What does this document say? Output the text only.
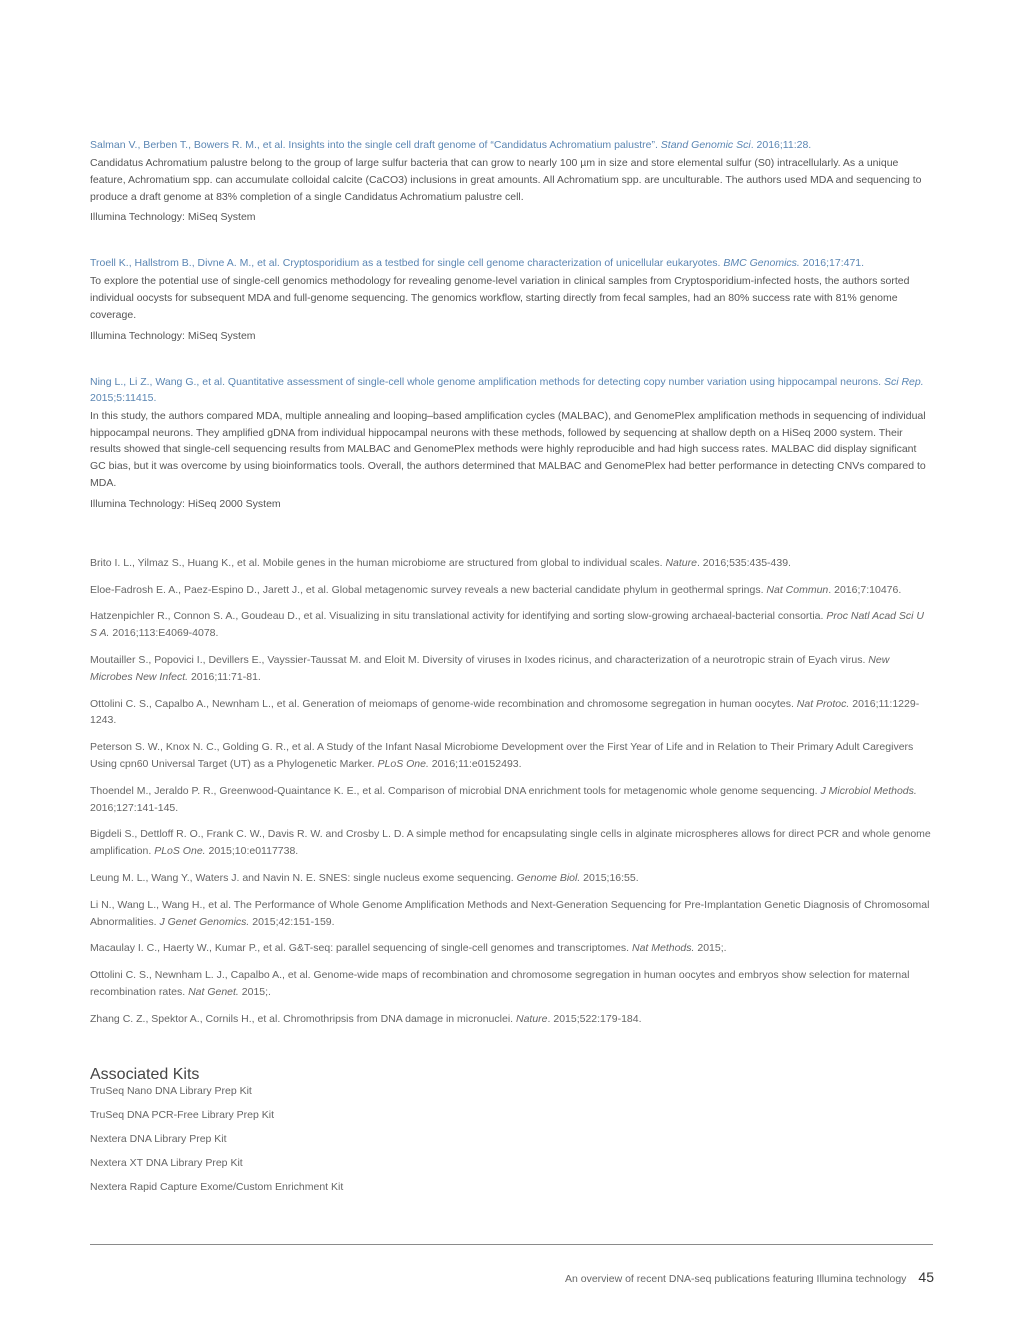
Salman V., Berben T., Bowers R. M., et al. Insights into the single cell draft genome of “Candidatus Achromatium palustre”. Stand Genomic Sci. 2016;11:28.
Candidatus Achromatium palustre belong to the group of large sulfur bacteria that can grow to nearly 100 µm in size and store elemental sulfur (S0) intracellularly. As a unique feature, Achromatium spp. can accumulate colloidal calcite (CaCO3) inclusions in great amounts. All Achromatium spp. are unculturable. The authors used MDA and sequencing to produce a draft genome at 83% completion of a single Candidatus Achromatium palustre cell.
Illumina Technology: MiSeq System
Troell K., Hallstrom B., Divne A. M., et al. Cryptosporidium as a testbed for single cell genome characterization of unicellular eukaryotes. BMC Genomics. 2016;17:471.
To explore the potential use of single-cell genomics methodology for revealing genome-level variation in clinical samples from Cryptosporidium-infected hosts, the authors sorted individual oocysts for subsequent MDA and full-genome sequencing. The genomics workflow, starting directly from fecal samples, had an 80% success rate with 81% genome coverage.
Illumina Technology: MiSeq System
Ning L., Li Z., Wang G., et al. Quantitative assessment of single-cell whole genome amplification methods for detecting copy number variation using hippocampal neurons. Sci Rep. 2015;5:11415.
In this study, the authors compared MDA, multiple annealing and looping–based amplification cycles (MALBAC), and GenomePlex amplification methods in sequencing of individual hippocampal neurons. They amplified gDNA from individual hippocampal neurons with these methods, followed by sequencing at shallow depth on a HiSeq 2000 system. Their results showed that single-cell sequencing results from MALBAC and GenomePlex methods were highly reproducible and had high success rates. MALBAC did display significant GC bias, but it was overcome by using bioinformatics tools. Overall, the authors determined that MALBAC and GenomePlex had better performance in detecting CNVs compared to MDA.
Illumina Technology: HiSeq 2000 System
Brito I. L., Yilmaz S., Huang K., et al. Mobile genes in the human microbiome are structured from global to individual scales. Nature. 2016;535:435-439.
Eloe-Fadrosh E. A., Paez-Espino D., Jarett J., et al. Global metagenomic survey reveals a new bacterial candidate phylum in geothermal springs. Nat Commun. 2016;7:10476.
Hatzenpichler R., Connon S. A., Goudeau D., et al. Visualizing in situ translational activity for identifying and sorting slow-growing archaeal-bacterial consortia. Proc Natl Acad Sci U S A. 2016;113:E4069-4078.
Moutailler S., Popovici I., Devillers E., Vayssier-Taussat M. and Eloit M. Diversity of viruses in Ixodes ricinus, and characterization of a neurotropic strain of Eyach virus. New Microbes New Infect. 2016;11:71-81.
Ottolini C. S., Capalbo A., Newnham L., et al. Generation of meiomaps of genome-wide recombination and chromosome segregation in human oocytes. Nat Protoc. 2016;11:1229-1243.
Peterson S. W., Knox N. C., Golding G. R., et al. A Study of the Infant Nasal Microbiome Development over the First Year of Life and in Relation to Their Primary Adult Caregivers Using cpn60 Universal Target (UT) as a Phylogenetic Marker. PLoS One. 2016;11:e0152493.
Thoendel M., Jeraldo P. R., Greenwood-Quaintance K. E., et al. Comparison of microbial DNA enrichment tools for metagenomic whole genome sequencing. J Microbiol Methods. 2016;127:141-145.
Bigdeli S., Dettloff R. O., Frank C. W., Davis R. W. and Crosby L. D. A simple method for encapsulating single cells in alginate microspheres allows for direct PCR and whole genome amplification. PLoS One. 2015;10:e0117738.
Leung M. L., Wang Y., Waters J. and Navin N. E. SNES: single nucleus exome sequencing. Genome Biol. 2015;16:55.
Li N., Wang L., Wang H., et al. The Performance of Whole Genome Amplification Methods and Next-Generation Sequencing for Pre-Implantation Genetic Diagnosis of Chromosomal Abnormalities. J Genet Genomics. 2015;42:151-159.
Macaulay I. C., Haerty W., Kumar P., et al. G&T-seq: parallel sequencing of single-cell genomes and transcriptomes. Nat Methods. 2015;.
Ottolini C. S., Newnham L. J., Capalbo A., et al. Genome-wide maps of recombination and chromosome segregation in human oocytes and embryos show selection for maternal recombination rates. Nat Genet. 2015;.
Zhang C. Z., Spektor A., Cornils H., et al. Chromothripsis from DNA damage in micronuclei. Nature. 2015;522:179-184.
Associated Kits
TruSeq Nano DNA Library Prep Kit
TruSeq DNA PCR-Free Library Prep Kit
Nextera DNA Library Prep Kit
Nextera XT DNA Library Prep Kit
Nextera Rapid Capture Exome/Custom Enrichment Kit
An overview of recent DNA-seq publications featuring Illumina technology 45
